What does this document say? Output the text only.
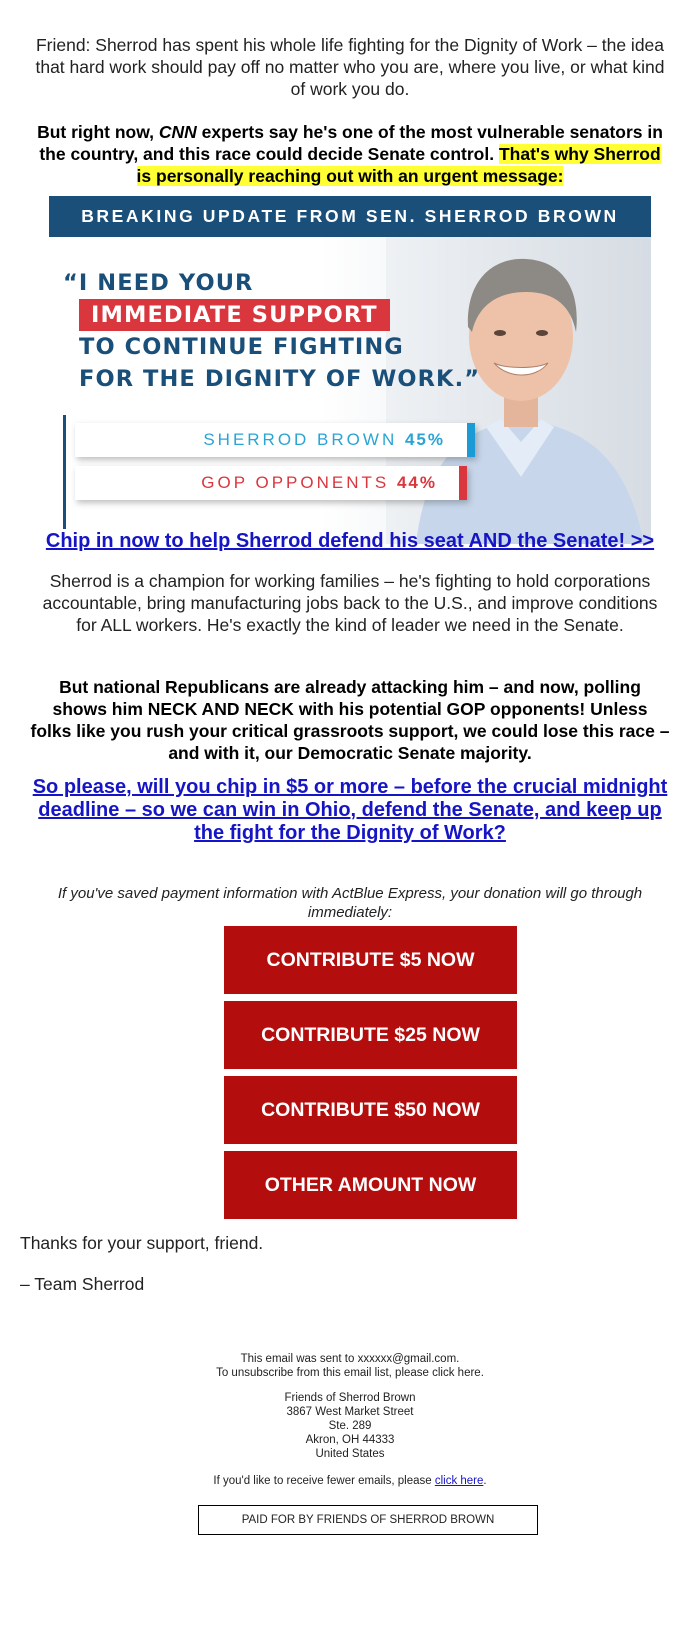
Friend: Sherrod has spent his whole life fighting for the Dignity of Work – the idea that hard work should pay off no matter who you are, where you live, or what kind of work you do.

But right now, CNN experts say he's one of the most vulnerable senators in the country, and this race could decide Senate control. That's why Sherrod is personally reaching out with an urgent message:

BREAKING UPDATE FROM SEN. SHERROD BROWN
“I NEED YOUR
IMMEDIATE SUPPORT
TO CONTINUE FIGHTING
FOR THE DIGNITY OF WORK.”
SHERROD BROWN 45%
GOP OPPONENTS 44%
Chip in now to help Sherrod defend his seat AND the Senate! >>

Sherrod is a champion for working families – he's fighting to hold corporations accountable, bring manufacturing jobs back to the U.S., and improve conditions for ALL workers. He's exactly the kind of leader we need in the Senate.

But national Republicans are already attacking him – and now, polling shows him NECK AND NECK with his potential GOP opponents! Unless folks like you rush your critical grassroots support, we could lose this race – and with it, our Democratic Senate majority.

So please, will you chip in $5 or more – before the crucial midnight deadline – so we can win in Ohio, defend the Senate, and keep up the fight for the Dignity of Work?

If you've saved payment information with ActBlue Express, your donation will go through immediately:

CONTRIBUTE $5 NOW
CONTRIBUTE $25 NOW
CONTRIBUTE $50 NOW
OTHER AMOUNT NOW
Thanks for your support, friend.
– Team Sherrod
This email was sent to xxxxxx@gmail.com.
To unsubscribe from this email list, please click here.
Friends of Sherrod Brown
3867 West Market Street
Ste. 289
Akron, OH 44333
United States
If you'd like to receive fewer emails, please click here.
PAID FOR BY FRIENDS OF SHERROD BROWN
